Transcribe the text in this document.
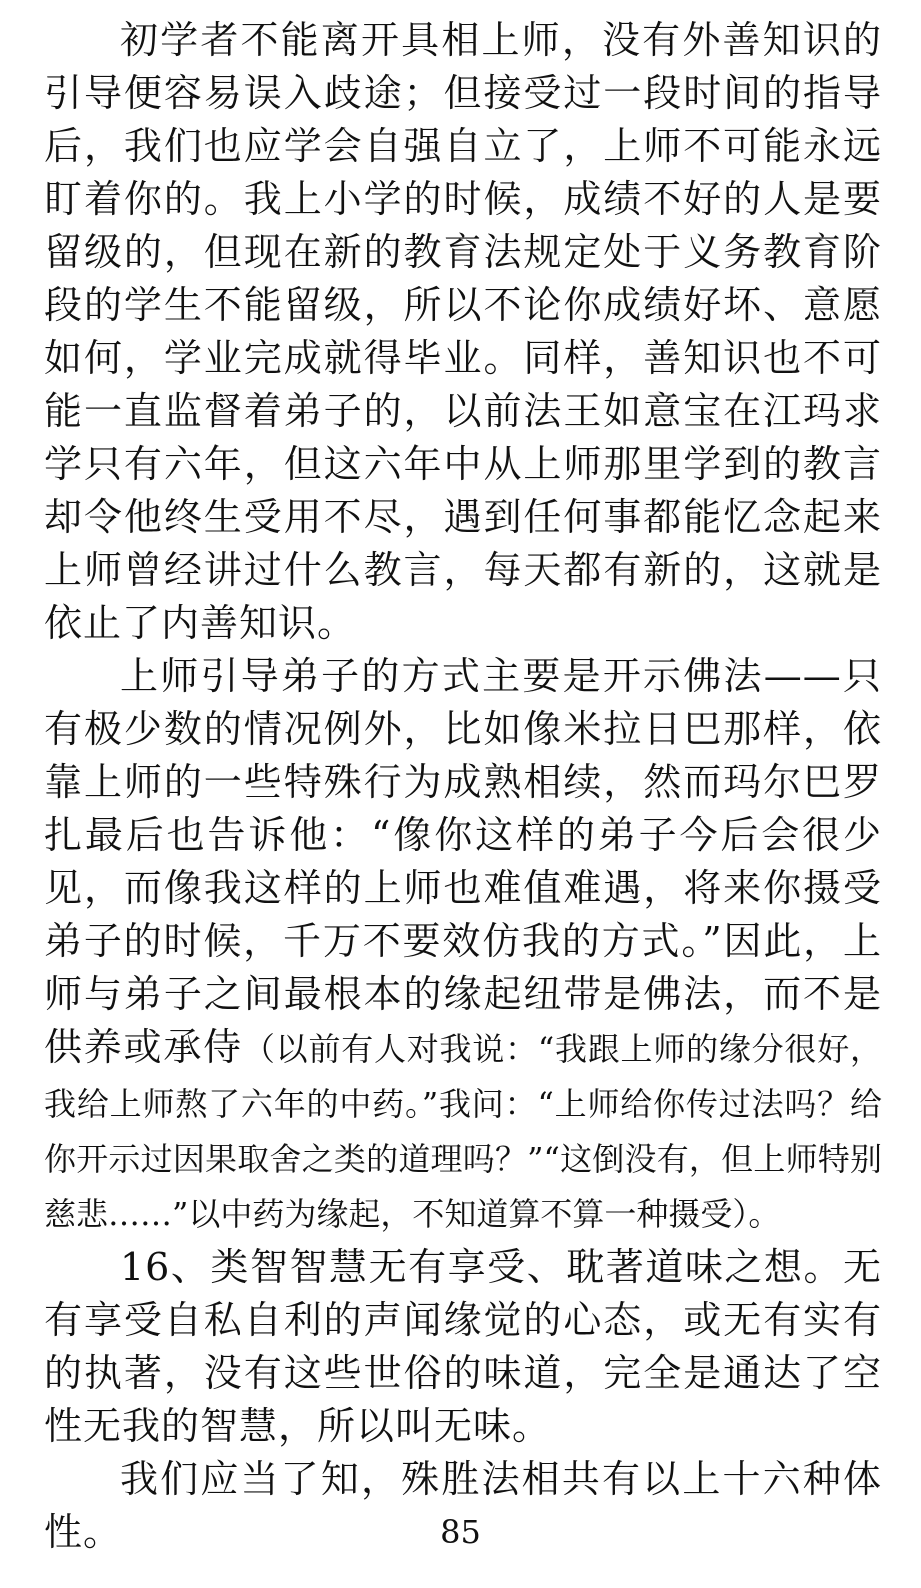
初学者不能离开具相上师，没有外善知识的引导便容易误入歧途；但接受过一段时间的指导后，我们也应学会自强自立了，上师不可能永远盯着你的。我上小学的时候，成绩不好的人是要留级的，但现在新的教育法规定处于义务教育阶段的学生不能留级，所以不论你成绩好坏、意愿如何，学业完成就得毕业。同样，善知识也不可能一直监督着弟子的，以前法王如意宝在江玛求学只有六年，但这六年中从上师那里学到的教言却令他终生受用不尽，遇到任何事都能忆念起来上师曾经讲过什么教言，每天都有新的，这就是依止了内善知识。

上师引导弟子的方式主要是开示佛法——只有极少数的情况例外，比如像米拉日巴那样，依靠上师的一些特殊行为成熟相续，然而玛尔巴罗扎最后也告诉他：“像你这样的弟子今后会很少见，而像我这样的上师也难值难遇，将来你摄受弟子的时候，千万不要效仿我的方式。”因此，上师与弟子之间最根本的缘起纽带是佛法，而不是供养或承侍（以前有人对我说：“我跟上师的缘分很好，我给上师熬了六年的中药。”我问：“上师给你传过法吗？给你开示过因果取舍之类的道理吗？”“这倒没有，但上师特别慈悲……”以中药为缘起，不知道算不算一种摄受）。

16、类智智慧无有享受、耽著道味之想。无有享受自私自利的声闻缘觉的心态，或无有实有的执著，没有这些世俗的味道，完全是通达了空性无我的智慧，所以叫无味。

我们应当了知，殊胜法相共有以上十六种体性。	85
